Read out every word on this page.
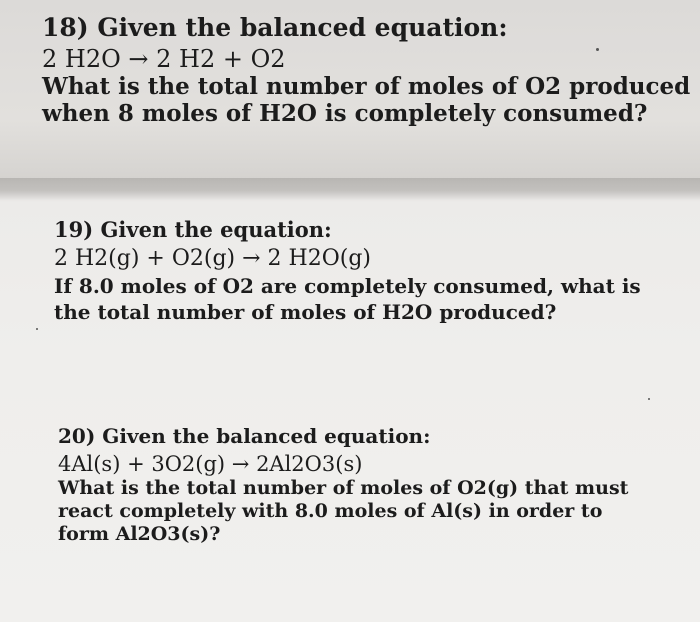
18) Given the balanced equation:
2 H2O → 2 H2 + O2
What is the total number of moles of O2 produced
when 8 moles of H2O is completely consumed?
19) Given the equation:
2 H2(g) + O2(g) → 2 H2O(g)
If 8.0 moles of O2 are completely consumed, what is
the total number of moles of H2O produced?
20) Given the balanced equation:
4Al(s) + 3O2(g) → 2Al2O3(s)
What is the total number of moles of O2(g) that must
react completely with 8.0 moles of Al(s) in order to
form Al2O3(s)?
